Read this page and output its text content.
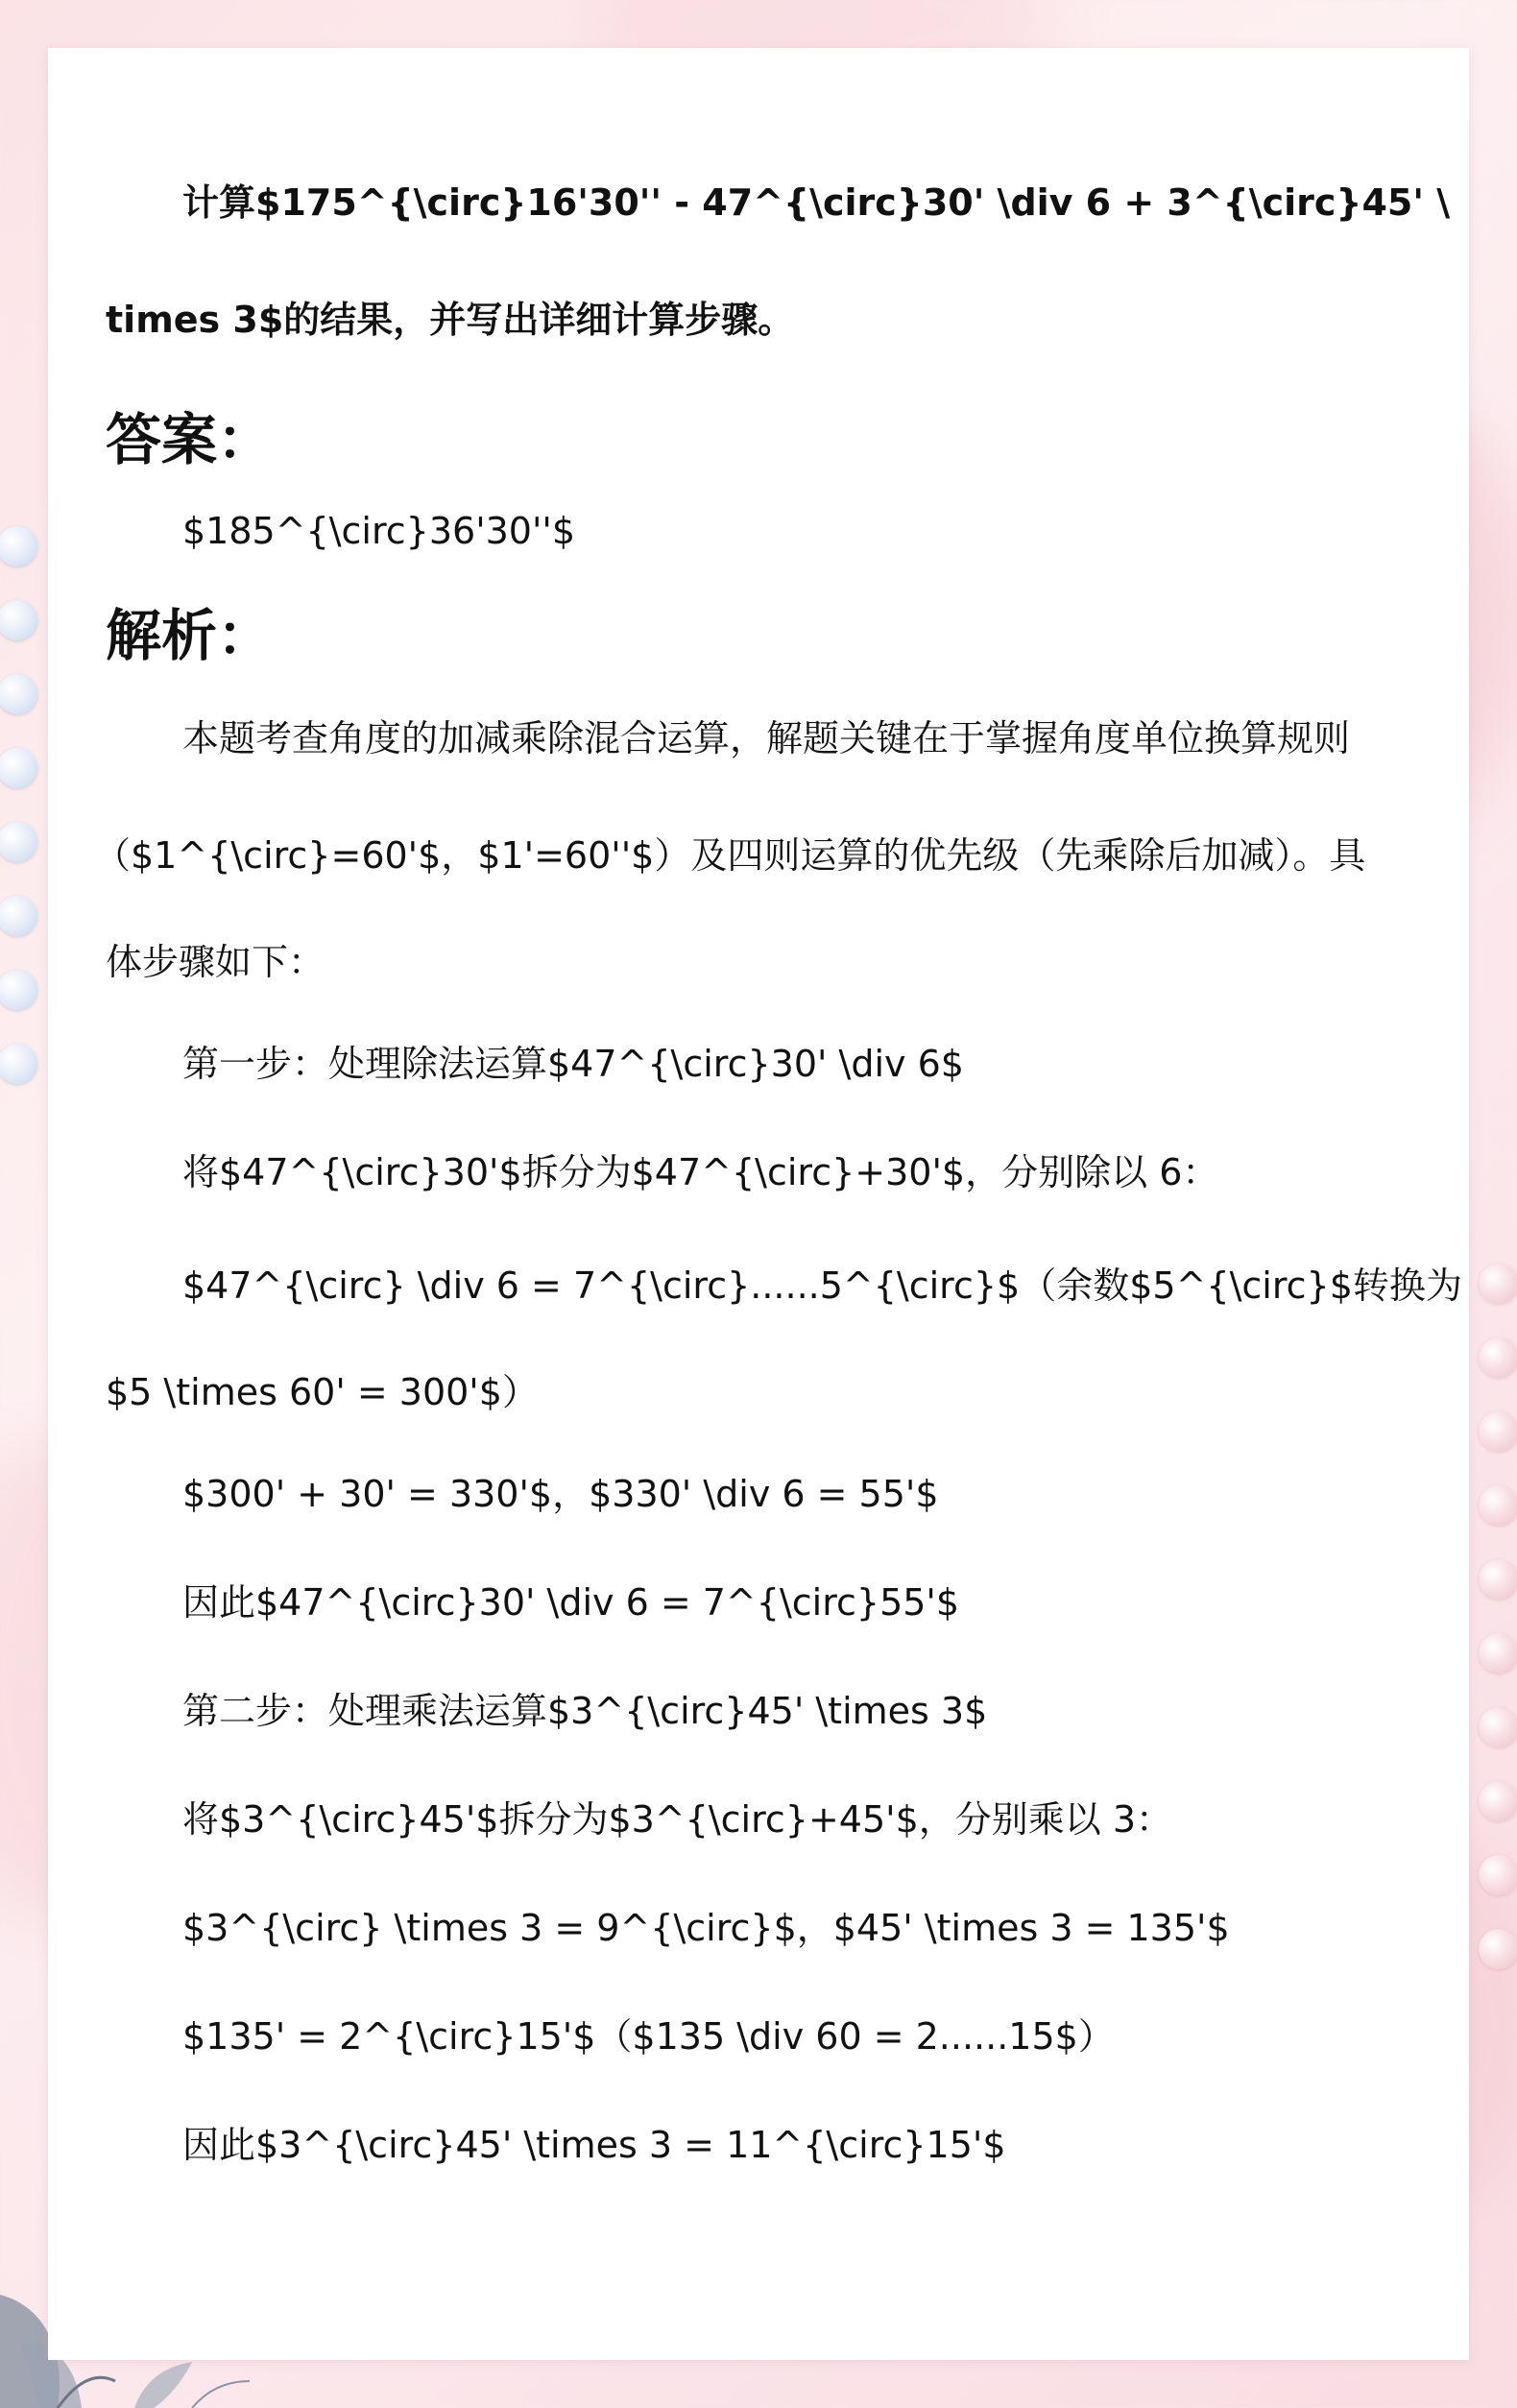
计算$175^{\circ}16'30'' - 47^{\circ}30' \div 6 + 3^{\circ}45' \

times 3$的结果，并写出详细计算步骤。

答案：

$185^{\circ}36'30''$

解析：

本题考查角度的加减乘除混合运算，解题关键在于掌握角度单位换算规则

（$1^{\circ}=60'$，$1'=60''$）及四则运算的优先级（先乘除后加减）。具

体步骤如下：

第一步：处理除法运算$47^{\circ}30' \div 6$

将$47^{\circ}30'$拆分为$47^{\circ}+30'$，分别除以 6：

$47^{\circ} \div 6 = 7^{\circ}......5^{\circ}$（余数$5^{\circ}$转换为

$5 \times 60' = 300'$）

$300' + 30' = 330'$，$330' \div 6 = 55'$

因此$47^{\circ}30' \div 6 = 7^{\circ}55'$

第二步：处理乘法运算$3^{\circ}45' \times 3$

将$3^{\circ}45'$拆分为$3^{\circ}+45'$，分别乘以 3：

$3^{\circ} \times 3 = 9^{\circ}$，$45' \times 3 = 135'$

$135' = 2^{\circ}15'$（$135 \div 60 = 2......15$）

因此$3^{\circ}45' \times 3 = 11^{\circ}15'$
